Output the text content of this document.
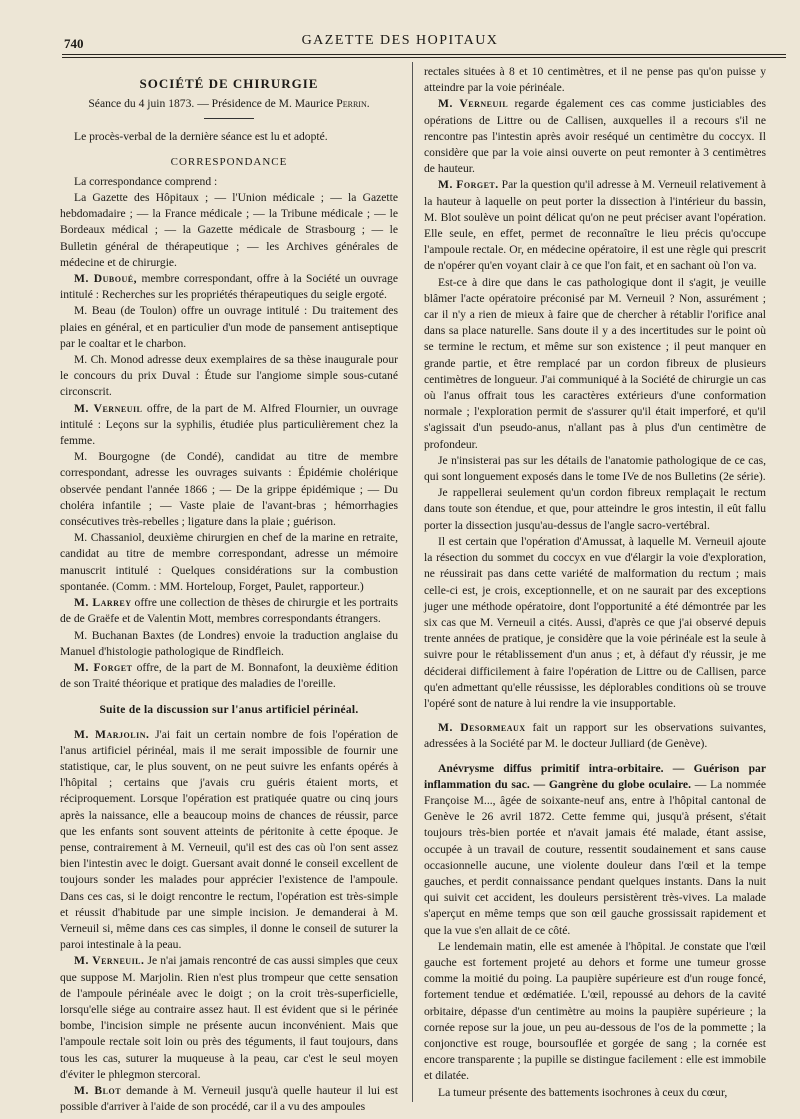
740	GAZETTE DES HOPITAUX
SOCIÉTÉ DE CHIRURGIE
Séance du 4 juin 1873. — Présidence de M. Maurice Perrin.

Le procès-verbal de la dernière séance est lu et adopté.

CORRESPONDANCE

La correspondance comprend :

La Gazette des Hôpitaux ; — l'Union médicale ; — la Gazette hebdomadaire ; — la France médicale ; — la Tribune médicale ; — le Bordeaux médical ; — la Gazette médicale de Strasbourg ; — le Bulletin général de thérapeutique ; — les Archives générales de médecine et de chirurgie.

M. Duboué, membre correspondant, offre à la Société un ouvrage intitulé : Recherches sur les propriétés thérapeutiques du seigle ergoté.

M. Beau (de Toulon) offre un ouvrage intitulé : Du traitement des plaies en général, et en particulier d'un mode de pansement antiseptique par le coaltar et le charbon.

M. Ch. Monod adresse deux exemplaires de sa thèse inaugurale pour le concours du prix Duval : Étude sur l'angiome simple sous-cutané circonscrit.

M. Verneuil offre, de la part de M. Alfred Flournier, un ouvrage intitulé : Leçons sur la syphilis, étudiée plus particulièrement chez la femme.

M. Bourgogne (de Condé), candidat au titre de membre correspondant, adresse les ouvrages suivants : Épidémie cholérique observée pendant l'année 1866 ; — De la grippe épidémique ; — Du choléra infantile ; — Vaste plaie de l'avant-bras ; hémorrhagies consécutives très-rebelles ; ligature dans la plaie ; guérison.

M. Chassaniol, deuxième chirurgien en chef de la marine en retraite, candidat au titre de membre correspondant, adresse un mémoire manuscrit intitulé : Quelques considérations sur la combustion spontanée. (Comm. : MM. Horteloup, Forget, Paulet, rapporteur.)

M. Larrey offre une collection de thèses de chirurgie et les portraits de de Graëfe et de Valentin Mott, membres correspondants étrangers.

M. Buchanan Baxtes (de Londres) envoie la traduction anglaise du Manuel d'histologie pathologique de Rindfleich.

M. Forget offre, de la part de M. Bonnafont, la deuxième édition de son Traité théorique et pratique des maladies de l'oreille.

Suite de la discussion sur l'anus artificiel périnéal.

M. Marjolin. J'ai fait un certain nombre de fois l'opération de l'anus artificiel périnéal, mais il me serait impossible de fournir une statistique, car, le plus souvent, on ne peut suivre les enfants opérés à l'hôpital ; certains que j'avais cru guéris étaient morts, et réciproquement. Lorsque l'opération est pratiquée quatre ou cinq jours après la naissance, elle a beaucoup moins de chances de réussir, parce que les enfants sont souvent atteints de péritonite à cette époque. Je pense, contrairement à M. Verneuil, qu'il est des cas où l'on sent assez bien l'intestin avec le doigt. Guersant avait donné le conseil excellent de toujours sonder les malades pour apprécier l'existence de l'ampoule. Dans ces cas, si le doigt rencontre le rectum, l'opération est très-simple et réussit d'habitude par une simple incision. Je demanderai à M. Verneuil si, même dans ces cas simples, il donne le conseil de suturer la paroi intestinale à la peau.

M. Verneuil. Je n'ai jamais rencontré de cas aussi simples que ceux que suppose M. Marjolin. Rien n'est plus trompeur que cette sensation de l'ampoule périnéale avec le doigt ; on la croit très-superficielle, lorsqu'elle siége au contraire assez haut. Il est évident que si le périnée bombe, l'incision simple ne présente aucun inconvénient. Mais que l'ampoule rectale soit loin ou près des téguments, il faut toujours, dans tous les cas, suturer la muqueuse à la peau, car c'est le seul moyen d'éviter le phlegmon stercoral.

M. Blot demande à M. Verneuil jusqu'à quelle hauteur il lui est possible d'arriver à l'aide de son procédé, car il a vu des ampoules

rectales situées à 8 et 10 centimètres, et il ne pense pas qu'on puisse y atteindre par la voie périnéale.

M. Verneuil regarde également ces cas comme justiciables des opérations de Littre ou de Callisen, auxquelles il a recours s'il ne rencontre pas l'intestin après avoir reséqué un centimètre du coccyx. Il considère que par la voie ainsi ouverte on peut remonter à 3 centimètres de hauteur.

M. Forget. Par la question qu'il adresse à M. Verneuil relativement à la hauteur à laquelle on peut porter la dissection à l'intérieur du bassin, M. Blot soulève un point délicat qu'on ne peut préciser avant l'opération. Elle seule, en effet, permet de reconnaître le lieu précis qu'occupe l'ampoule rectale. Or, en médecine opératoire, il est une règle qui prescrit de n'opérer qu'en voyant clair à ce que l'on fait, et en sachant où l'on va.

Est-ce à dire que dans le cas pathologique dont il s'agit, je veuille blâmer l'acte opératoire préconisé par M. Verneuil ? Non, assurément ; car il n'y a rien de mieux à faire que de chercher à rétablir l'orifice anal dans sa place naturelle. Sans doute il y a des incertitudes sur le point où se termine le rectum, et même sur son existence ; il peut manquer en grande partie, et être remplacé par un cordon fibreux de plusieurs centimètres de longueur. J'ai communiqué à la Société de chirurgie un cas où l'anus offrait tous les caractères extérieurs d'une conformation normale ; l'exploration permit de s'assurer qu'il était imperforé, et qu'il s'agissait d'un pseudo-anus, n'allant pas à plus d'un centimètre de profondeur.

Je n'insisterai pas sur les détails de l'anatomie pathologique de ce cas, qui sont longuement exposés dans le tome IVe de nos Bulletins (2e série).

Je rappellerai seulement qu'un cordon fibreux remplaçait le rectum dans toute son étendue, et que, pour atteindre le gros intestin, il eût fallu porter la dissection jusqu'au-dessus de l'angle sacro-vertébral.

Il est certain que l'opération d'Amussat, à laquelle M. Verneuil ajoute la résection du sommet du coccyx en vue d'élargir la voie d'exploration, ne réussirait pas dans cette variété de malformation du rectum ; mais celle-ci est, je crois, exceptionnelle, et on ne saurait par des exceptions juger une méthode opératoire, dont l'opportunité a été démontrée par les six cas que M. Verneuil a cités. Aussi, d'après ce que j'ai observé depuis trente années de pratique, je considère que la voie périnéale est la seule à suivre pour le rétablissement d'un anus ; et, à défaut d'y réussir, je me déciderai difficilement à faire l'opération de Littre ou de Callisen, parce qu'en admettant qu'elle réussisse, les déplorables conditions où se trouve l'opéré sont de nature à lui rendre la vie insupportable.

M. Desormeaux fait un rapport sur les observations suivantes, adressées à la Société par M. le docteur Julliard (de Genève).

Anévrysme diffus primitif intra-orbitaire. — Guérison par inflammation du sac. — Gangrène du globe oculaire. — La nommée Françoise M..., âgée de soixante-neuf ans, entre à l'hôpital cantonal de Genève le 26 avril 1872. Cette femme qui, jusqu'à présent, s'était toujours très-bien portée et n'avait jamais été malade, étant assise, occupée à un travail de couture, ressentit soudainement et sans cause occasionnelle aucune, une violente douleur dans l'œil et la tempe gauches, et perdit connaissance pendant quelques instants. Dans la nuit qui suivit cet accident, les douleurs persistèrent très-vives. La malade s'aperçut en même temps que son œil gauche grossissait rapidement et que la vue s'en allait de ce côté.

Le lendemain matin, elle est amenée à l'hôpital. Je constate que l'œil gauche est fortement projeté au dehors et forme une tumeur grosse comme la moitié du poing. La paupière supérieure est d'un rouge foncé, fortement tendue et œdématiée. L'œil, repoussé au dehors de la cavité orbitaire, dépasse d'un centimètre au moins la paupière supérieure ; la cornée repose sur la joue, un peu au-dessous de l'os de la pommette ; la conjonctive est rouge, boursouflée et gorgée de sang ; la cornée est encore transparente ; la pupille se distingue facilement : elle est immobile et dilatée.

La tumeur présente des battements isochrones à ceux du cœur,
